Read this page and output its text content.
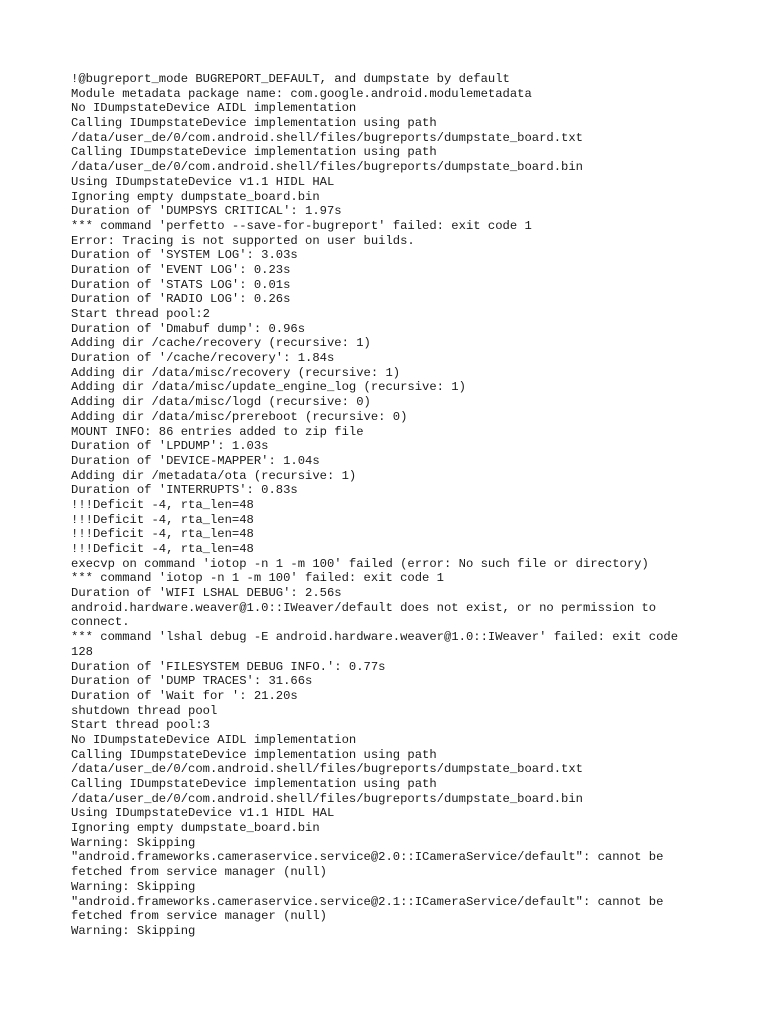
!@bugreport_mode BUGREPORT_DEFAULT, and dumpstate by default
Module metadata package name: com.google.android.modulemetadata
No IDumpstateDevice AIDL implementation
Calling IDumpstateDevice implementation using path
/data/user_de/0/com.android.shell/files/bugreports/dumpstate_board.txt
Calling IDumpstateDevice implementation using path
/data/user_de/0/com.android.shell/files/bugreports/dumpstate_board.bin
Using IDumpstateDevice v1.1 HIDL HAL
Ignoring empty dumpstate_board.bin
Duration of 'DUMPSYS CRITICAL': 1.97s
*** command 'perfetto --save-for-bugreport' failed: exit code 1
Error: Tracing is not supported on user builds.
Duration of 'SYSTEM LOG': 3.03s
Duration of 'EVENT LOG': 0.23s
Duration of 'STATS LOG': 0.01s
Duration of 'RADIO LOG': 0.26s
Start thread pool:2
Duration of 'Dmabuf dump': 0.96s
Adding dir /cache/recovery (recursive: 1)
Duration of '/cache/recovery': 1.84s
Adding dir /data/misc/recovery (recursive: 1)
Adding dir /data/misc/update_engine_log (recursive: 1)
Adding dir /data/misc/logd (recursive: 0)
Adding dir /data/misc/prereboot (recursive: 0)
MOUNT INFO: 86 entries added to zip file
Duration of 'LPDUMP': 1.03s
Duration of 'DEVICE-MAPPER': 1.04s
Adding dir /metadata/ota (recursive: 1)
Duration of 'INTERRUPTS': 0.83s
!!!Deficit -4, rta_len=48
!!!Deficit -4, rta_len=48
!!!Deficit -4, rta_len=48
!!!Deficit -4, rta_len=48
execvp on command 'iotop -n 1 -m 100' failed (error: No such file or directory)
*** command 'iotop -n 1 -m 100' failed: exit code 1
Duration of 'WIFI LSHAL DEBUG': 2.56s
android.hardware.weaver@1.0::IWeaver/default does not exist, or no permission to
connect.
*** command 'lshal debug -E android.hardware.weaver@1.0::IWeaver' failed: exit code
128
Duration of 'FILESYSTEM DEBUG INFO.': 0.77s
Duration of 'DUMP TRACES': 31.66s
Duration of 'Wait for ': 21.20s
shutdown thread pool
Start thread pool:3
No IDumpstateDevice AIDL implementation
Calling IDumpstateDevice implementation using path
/data/user_de/0/com.android.shell/files/bugreports/dumpstate_board.txt
Calling IDumpstateDevice implementation using path
/data/user_de/0/com.android.shell/files/bugreports/dumpstate_board.bin
Using IDumpstateDevice v1.1 HIDL HAL
Ignoring empty dumpstate_board.bin
Warning: Skipping
"android.frameworks.cameraservice.service@2.0::ICameraService/default": cannot be
fetched from service manager (null)
Warning: Skipping
"android.frameworks.cameraservice.service@2.1::ICameraService/default": cannot be
fetched from service manager (null)
Warning: Skipping
